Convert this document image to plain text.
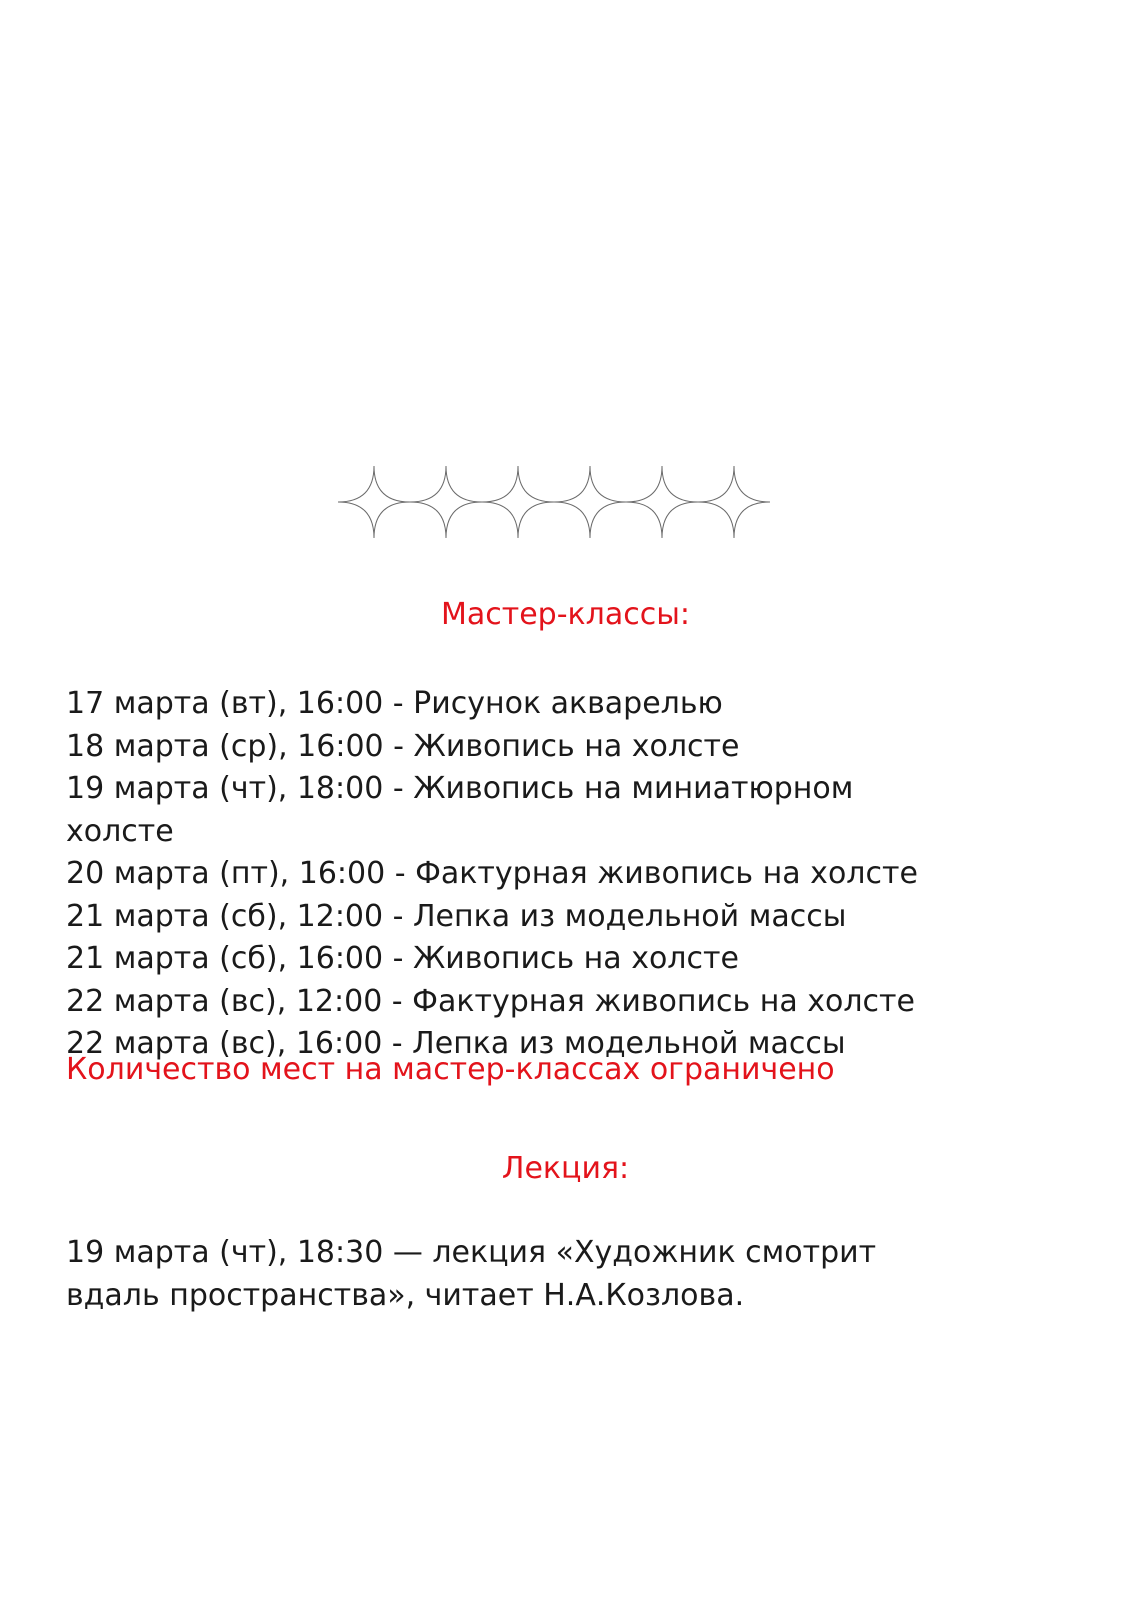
Мастер-классы:
17 марта (вт), 16:00 - Рисунок акварелью
18 марта (ср), 16:00 - Живопись на холсте
19 марта (чт), 18:00 - Живопись на миниатюрном холсте
20 марта (пт), 16:00 - Фактурная живопись на холсте
21 марта (сб), 12:00 - Лепка из модельной массы
21 марта (сб), 16:00 - Живопись на холсте
22 марта (вс), 12:00 - Фактурная живопись на холсте
22 марта (вс), 16:00 - Лепка из модельной массы

Количество мест на мастер-классах ограничено

Лекция:

19 марта (чт), 18:30 — лекция «Художник смотрит вдаль пространства», читает Н.А.Козлова.
